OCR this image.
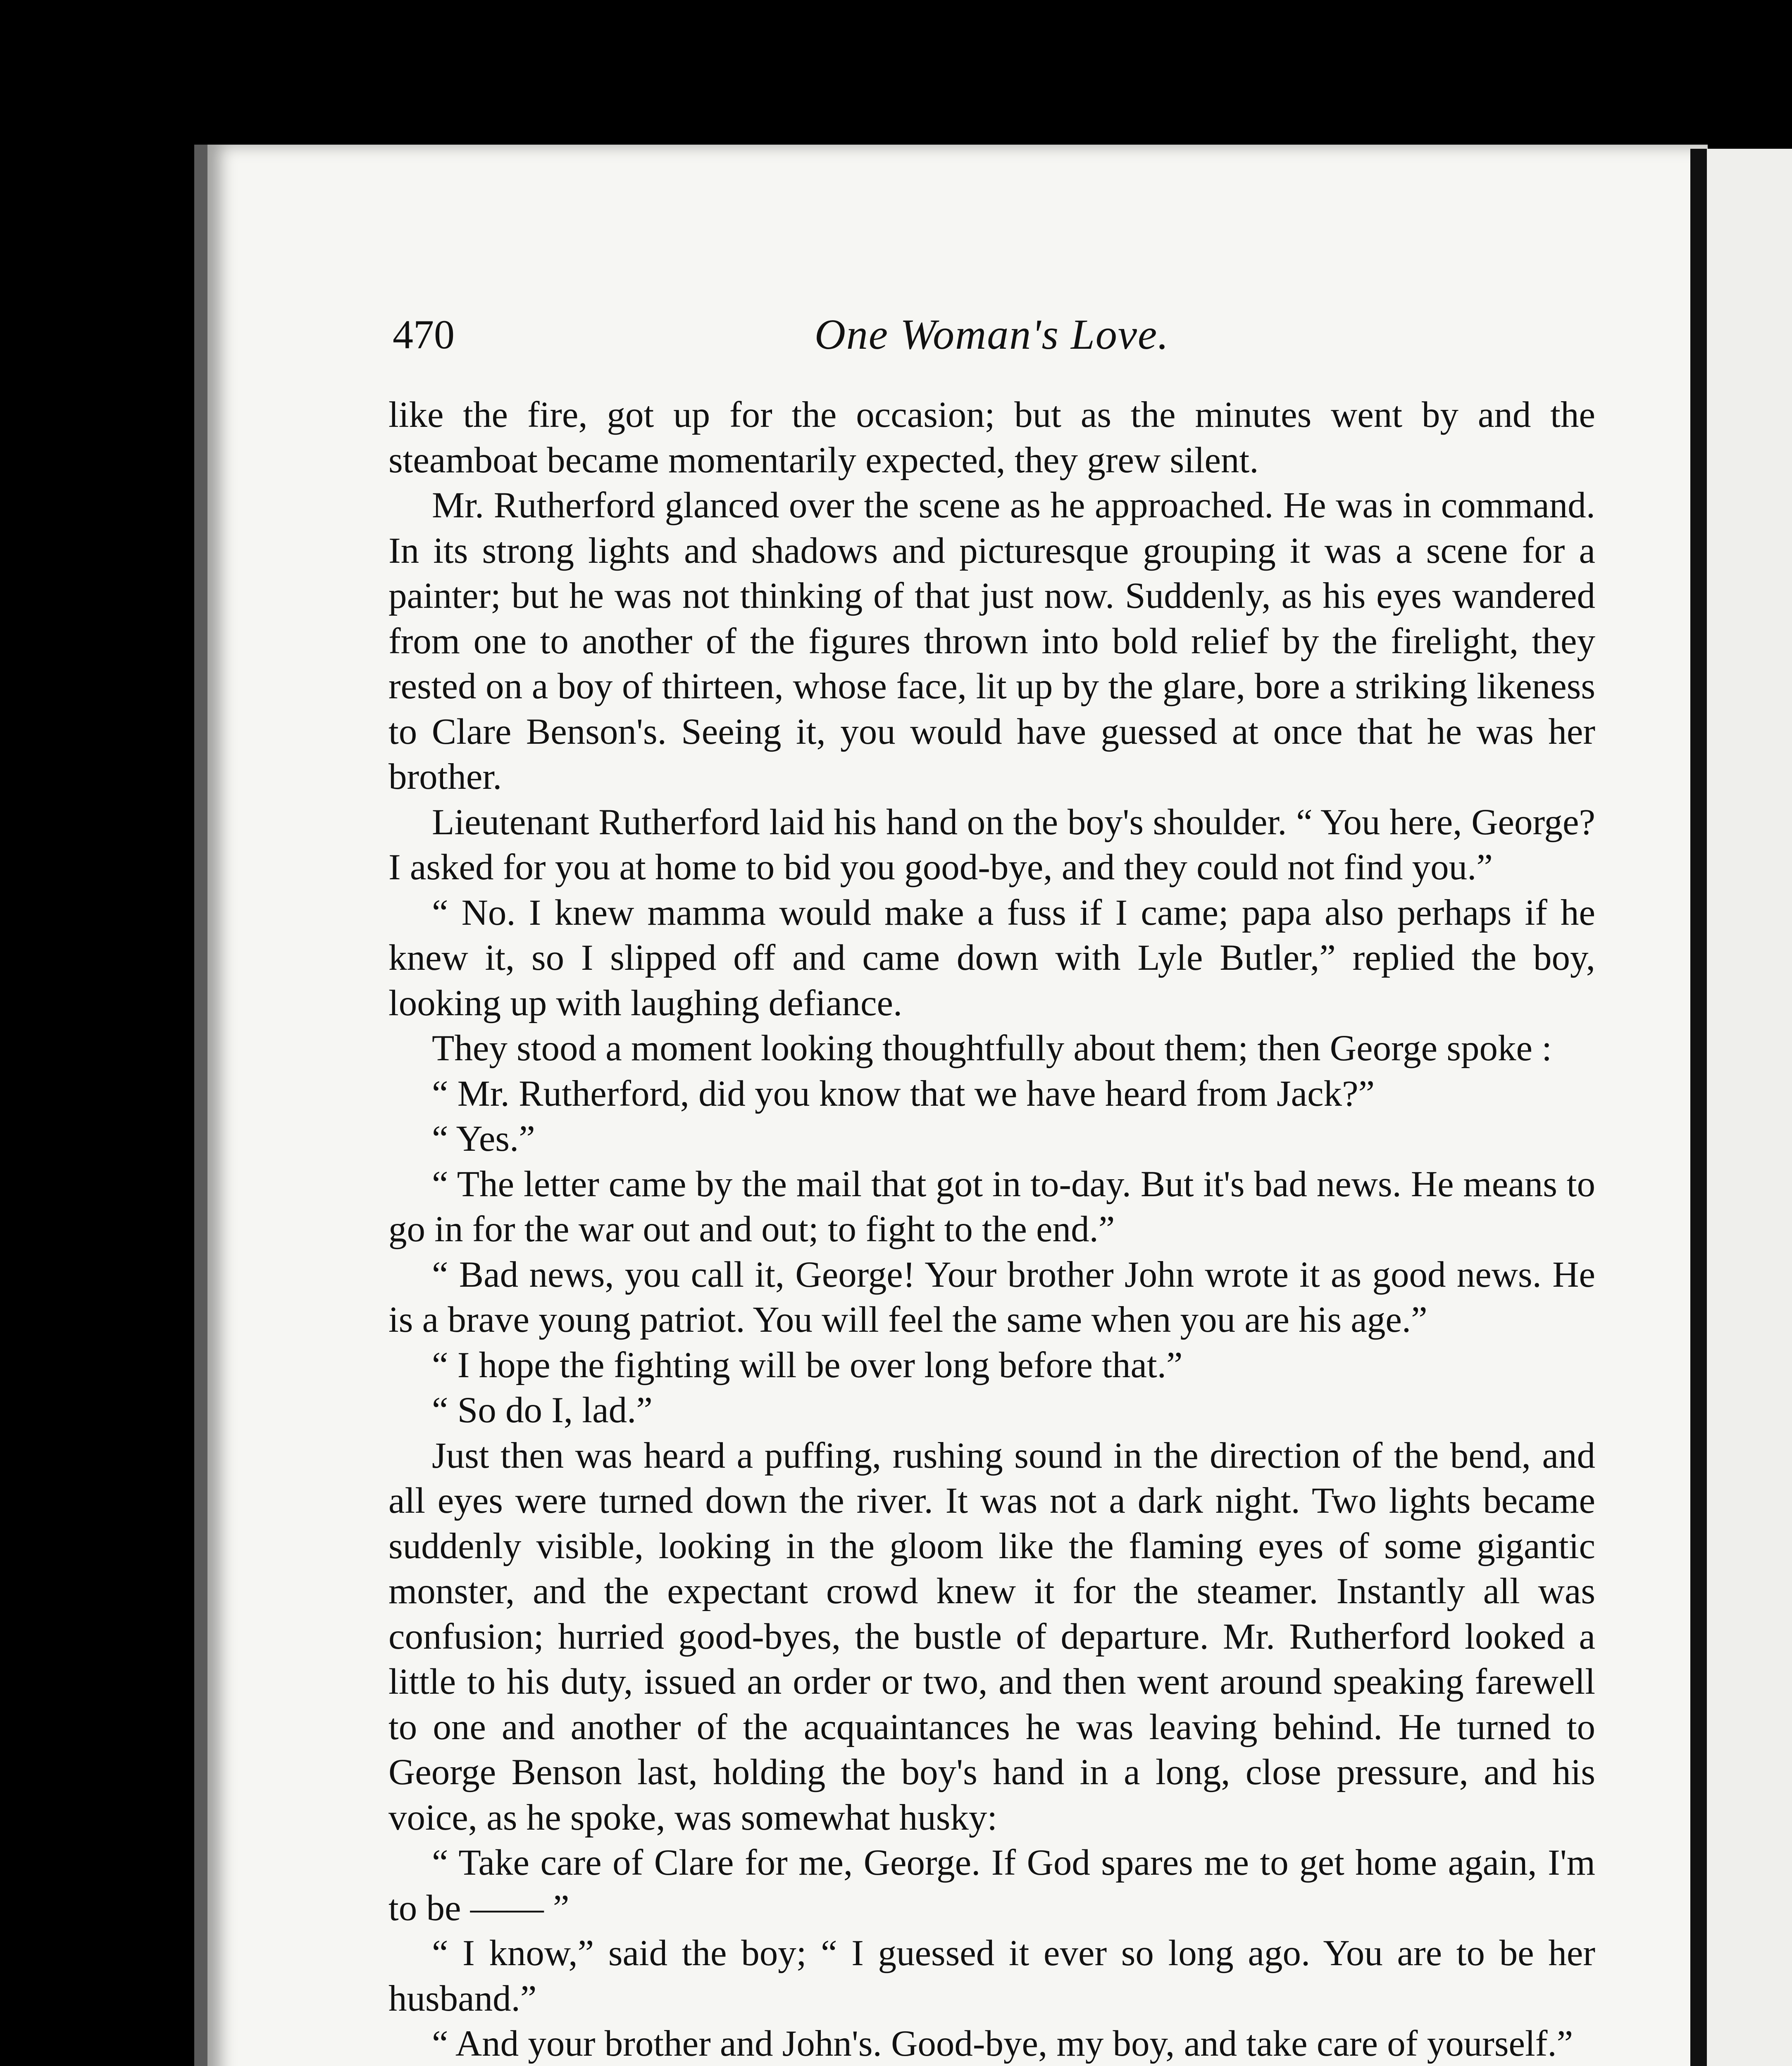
470	One Woman's Love.

like the fire, got up for the occasion; but as the minutes went by and the steamboat became momentarily expected, they grew silent.

Mr. Rutherford glanced over the scene as he approached. He was in command. In its strong lights and shadows and picturesque grouping it was a scene for a painter; but he was not thinking of that just now. Suddenly, as his eyes wandered from one to another of the figures thrown into bold relief by the firelight, they rested on a boy of thirteen, whose face, lit up by the glare, bore a striking likeness to Clare Benson's. Seeing it, you would have guessed at once that he was her brother.

Lieutenant Rutherford laid his hand on the boy's shoulder. “ You here, George? I asked for you at home to bid you good-bye, and they could not find you.”

“ No. I knew mamma would make a fuss if I came; papa also perhaps if he knew it, so I slipped off and came down with Lyle Butler,” replied the boy, looking up with laughing defiance.

They stood a moment looking thoughtfully about them; then George spoke :

“ Mr. Rutherford, did you know that we have heard from Jack?”

“ Yes.”

“ The letter came by the mail that got in to-day. But it's bad news. He means to go in for the war out and out; to fight to the end.”

“ Bad news, you call it, George! Your brother John wrote it as good news. He is a brave young patriot. You will feel the same when you are his age.”

“ I hope the fighting will be over long before that.”

“ So do I, lad.”

Just then was heard a puffing, rushing sound in the direction of the bend, and all eyes were turned down the river. It was not a dark night. Two lights became suddenly visible, looking in the gloom like the flaming eyes of some gigantic monster, and the expectant crowd knew it for the steamer. Instantly all was confusion; hurried good-byes, the bustle of departure. Mr. Rutherford looked a little to his duty, issued an order or two, and then went around speaking farewell to one and another of the acquaintances he was leaving behind. He turned to George Benson last, holding the boy's hand in a long, close pressure, and his voice, as he spoke, was somewhat husky:

“ Take care of Clare for me, George. If God spares me to get home again, I'm to be —— ”

“ I know,” said the boy; “ I guessed it ever so long ago. You are to be her husband.”

“ And your brother and John's. Good-bye, my boy, and take care of yourself.”
